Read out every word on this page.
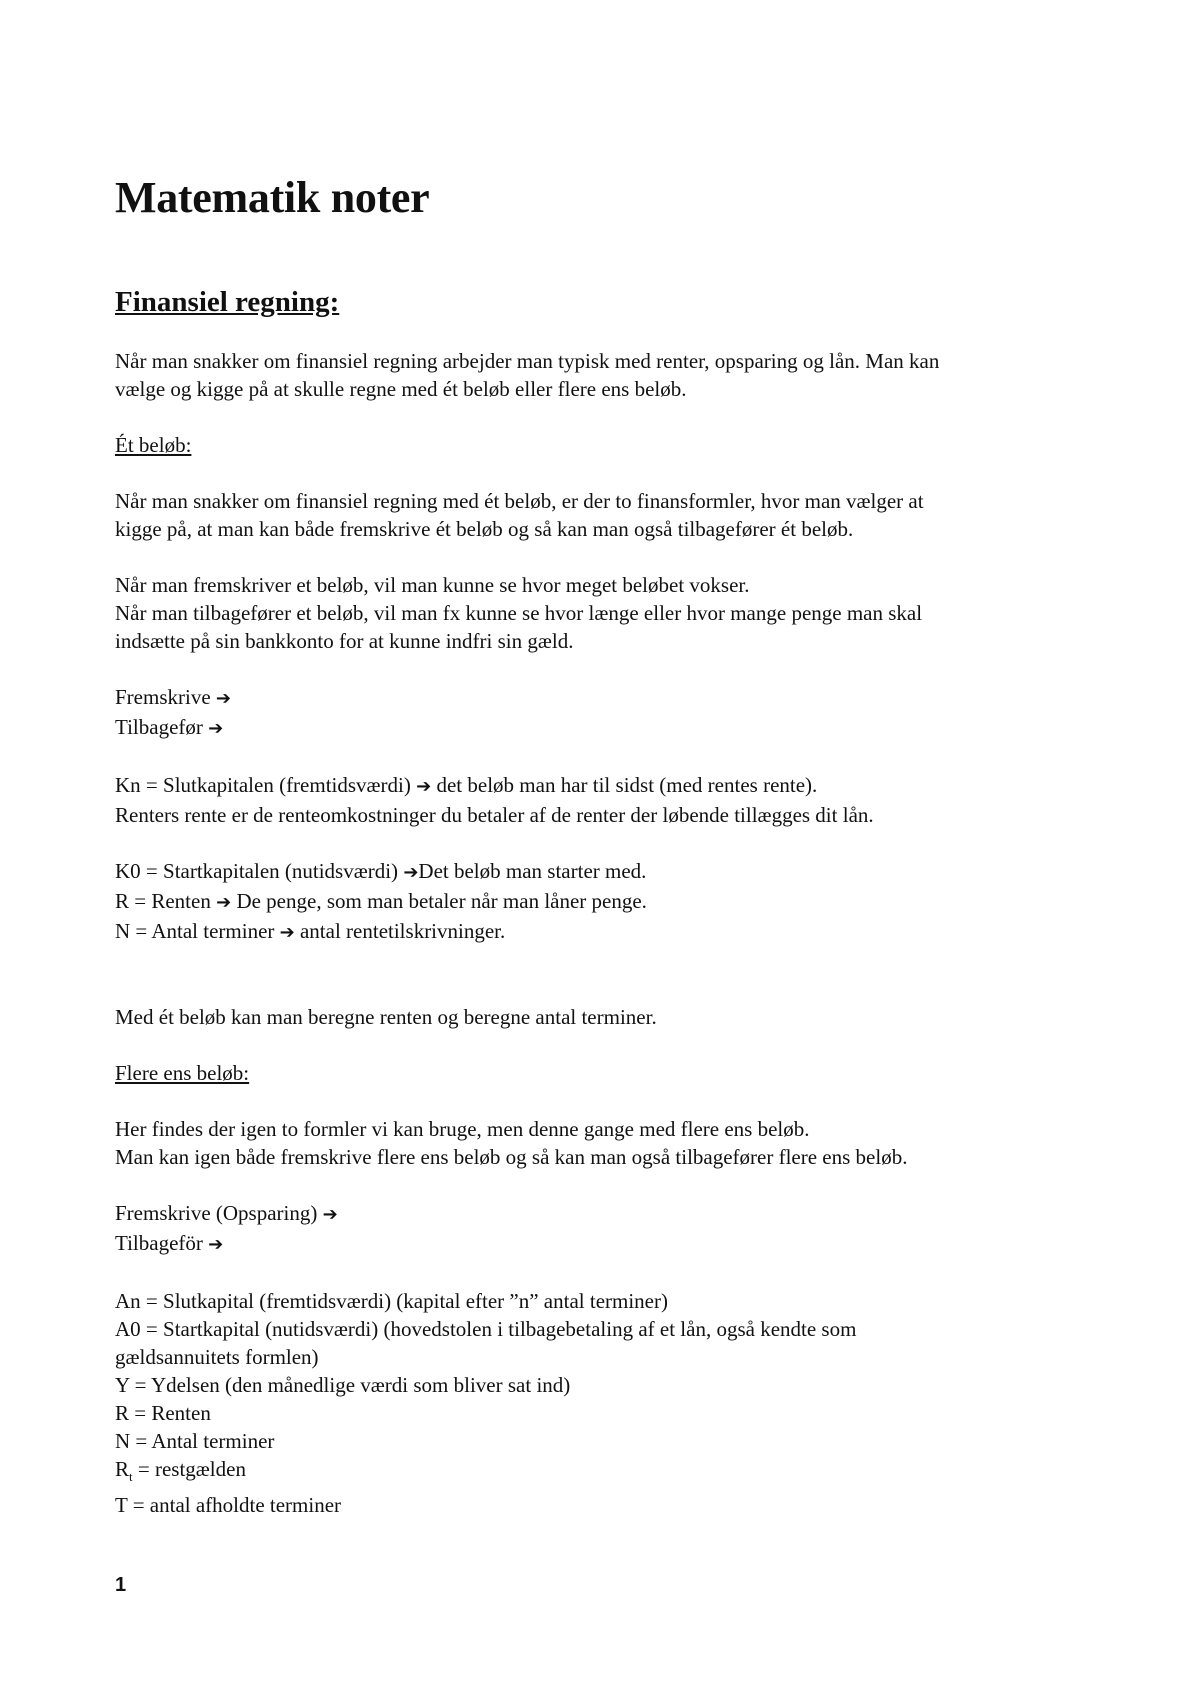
Matematik noter
Finansiel regning:
Når man snakker om finansiel regning arbejder man typisk med renter, opsparing og lån. Man kan
vælge og kigge på at skulle regne med ét beløb eller flere ens beløb.
Ét beløb:
Når man snakker om finansiel regning med ét beløb, er der to finansformler, hvor man vælger at
kigge på, at man kan både fremskrive ét beløb og så kan man også tilbagefører ét beløb.
Når man fremskriver et beløb, vil man kunne se hvor meget beløbet vokser.
Når man tilbagefører et beløb, vil man fx kunne se hvor længe eller hvor mange penge man skal
indsætte på sin bankkonto for at kunne indfri sin gæld.
Fremskrive ➔
Tilbagefør ➔
Kn = Slutkapitalen (fremtidsværdi) ➔ det beløb man har til sidst (med rentes rente).
Renters rente er de renteomkostninger du betaler af de renter der løbende tillægges dit lån.
K0 = Startkapitalen (nutidsværdi) ➔Det beløb man starter med.
R = Renten ➔ De penge, som man betaler når man låner penge.
N = Antal terminer ➔ antal rentetilskrivninger.
Med ét beløb kan man beregne renten og beregne antal terminer.
Flere ens beløb:
Her findes der igen to formler vi kan bruge, men denne gange med flere ens beløb.
Man kan igen både fremskrive flere ens beløb og så kan man også tilbagefører flere ens beløb.
Fremskrive (Opsparing) ➔
Tilbageför ➔
An = Slutkapital (fremtidsværdi) (kapital efter ”n” antal terminer)
A0 = Startkapital (nutidsværdi) (hovedstolen i tilbagebetaling af et lån, også kendte som
gældsannuitets formlen)
Y = Ydelsen (den månedlige værdi som bliver sat ind)
R = Renten
N = Antal terminer
$R_t$ = restgælden
T = antal afholdte terminer
1
